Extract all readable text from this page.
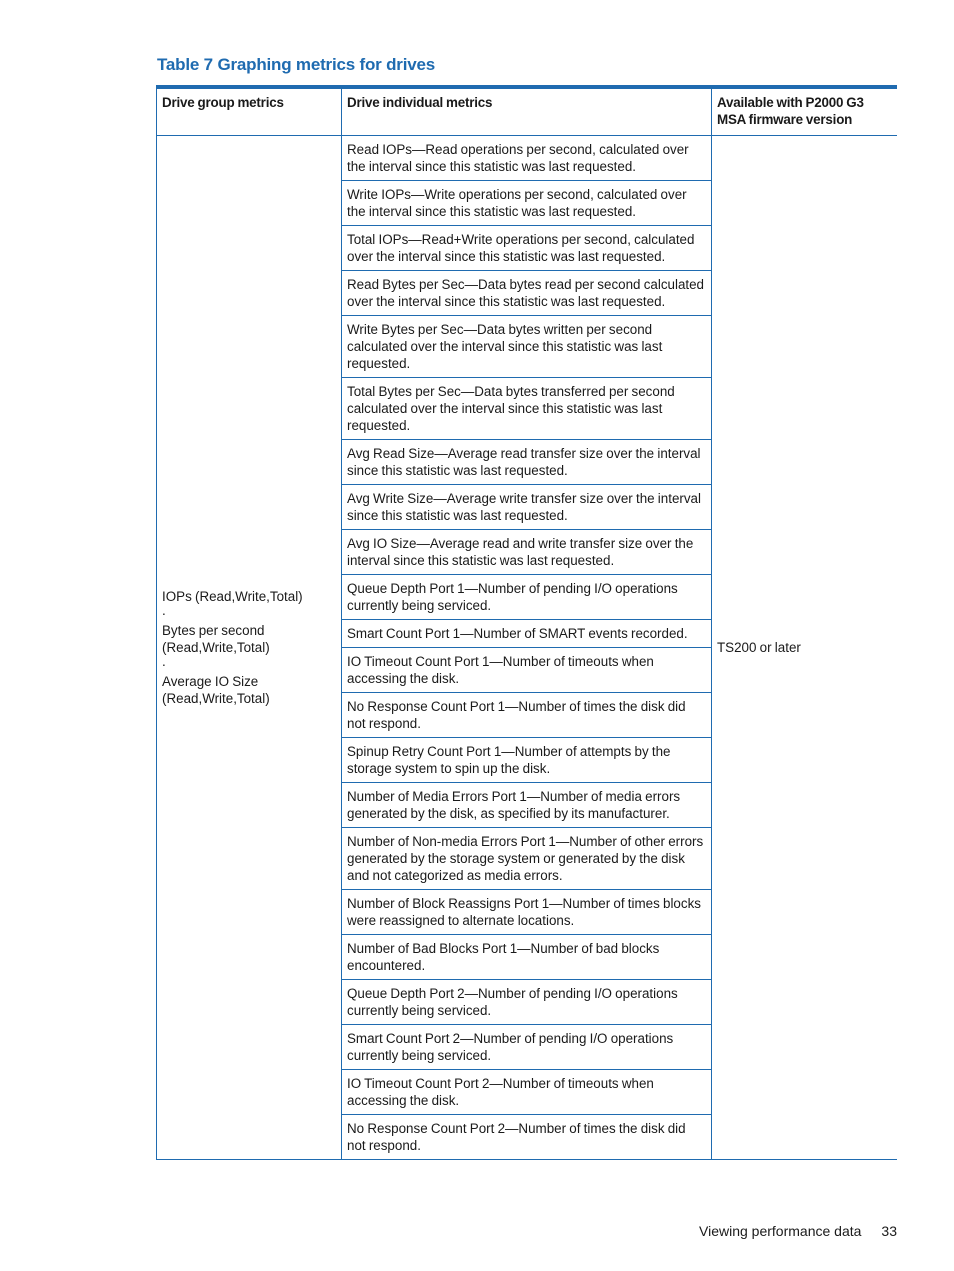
Table 7 Graphing metrics for drives
Drive group metrics	Drive individual metrics	Available with P2000 G3 MSA firmware version

IOPs (Read,Write,Total)
.
Bytes per second (Read,Write,Total)
.
Average IO Size (Read,Write,Total)	Read IOPs—Read operations per second, calculated over the interval since this statistic was last requested.	TS200 or later
	Write IOPs—Write operations per second, calculated over the interval since this statistic was last requested.	
	Total IOPs—Read+Write operations per second, calculated over the interval since this statistic was last requested.	
	Read Bytes per Sec—Data bytes read per second calculated over the interval since this statistic was last requested.	
	Write Bytes per Sec—Data bytes written per second calculated over the interval since this statistic was last requested.	
	Total Bytes per Sec—Data bytes transferred per second calculated over the interval since this statistic was last requested.	
	Avg Read Size—Average read transfer size over the interval since this statistic was last requested.	
	Avg Write Size—Average write transfer size over the interval since this statistic was last requested.	
	Avg IO Size—Average read and write transfer size over the interval since this statistic was last requested.	
	Queue Depth Port 1—Number of pending I/O operations currently being serviced.	
	Smart Count Port 1—Number of SMART events recorded.	
	IO Timeout Count Port 1—Number of timeouts when accessing the disk.	
	No Response Count Port 1—Number of times the disk did not respond.	
	Spinup Retry Count Port 1—Number of attempts by the storage system to spin up the disk.	
	Number of Media Errors Port 1—Number of media errors generated by the disk, as specified by its manufacturer.	
	Number of Non-media Errors Port 1—Number of other errors generated by the storage system or generated by the disk and not categorized as media errors.	
	Number of Block Reassigns Port 1—Number of times blocks were reassigned to alternate locations.	
	Number of Bad Blocks Port 1—Number of bad blocks encountered.	
	Queue Depth Port 2—Number of pending I/O operations currently being serviced.	
	Smart Count Port 2—Number of pending I/O operations currently being serviced.	
	IO Timeout Count Port 2—Number of timeouts when accessing the disk.	
	No Response Count Port 2—Number of times the disk did not respond.	
Viewing performance data 33
